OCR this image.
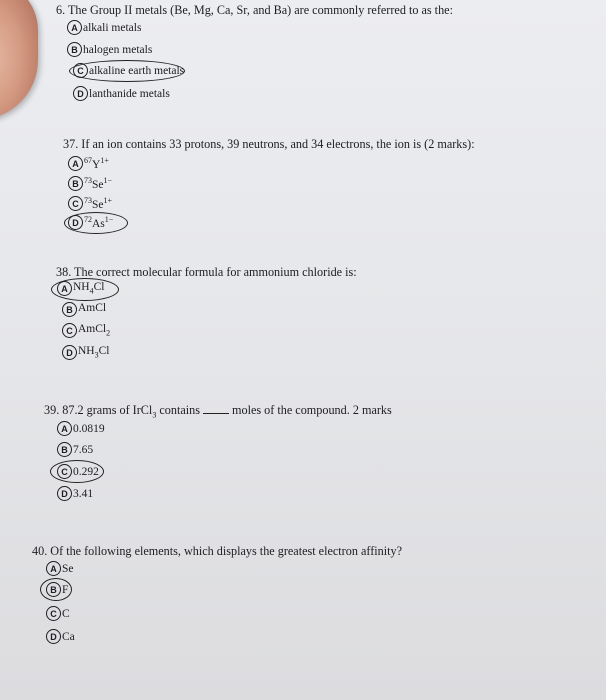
6. The Group II metals (Be, Mg, Ca, Sr, and Ba) are commonly referred to as the:
A alkali metals
B halogen metals
C alkaline earth metals
D lanthanide metals
37. If an ion contains 33 protons, 39 neutrons, and 34 electrons, the ion is (2 marks):
A $^{67}Y^{1+}$
B $^{73}Se^{1-}$
C $^{73}Se^{1+}$
D $^{72}As^{1-}$
38. The correct molecular formula for ammonium chloride is:
A $NH_4Cl$
B AmCl
C AmCl$_2$
D $NH_3Cl$
39. 87.2 grams of IrCl$_3$ contains	moles of the compound. 2 marks
A 0.0819
B 7.65
C 0.292
D 3.41
40. Of the following elements, which displays the greatest electron affinity?
A Se
B F
C C
D Ca
